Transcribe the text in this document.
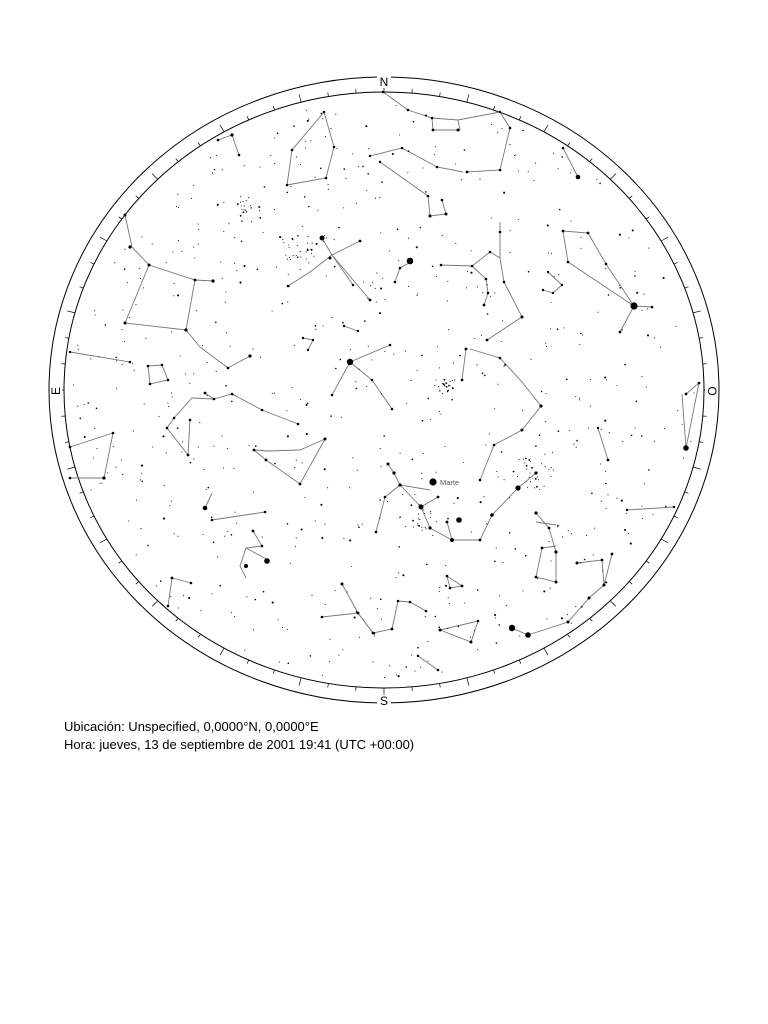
N
S
E	O
Marte
Ubicación: Unspecified, 0,0000°N, 0,0000°E
Hora: jueves, 13 de septiembre de 2001 19:41 (UTC +00:00)
